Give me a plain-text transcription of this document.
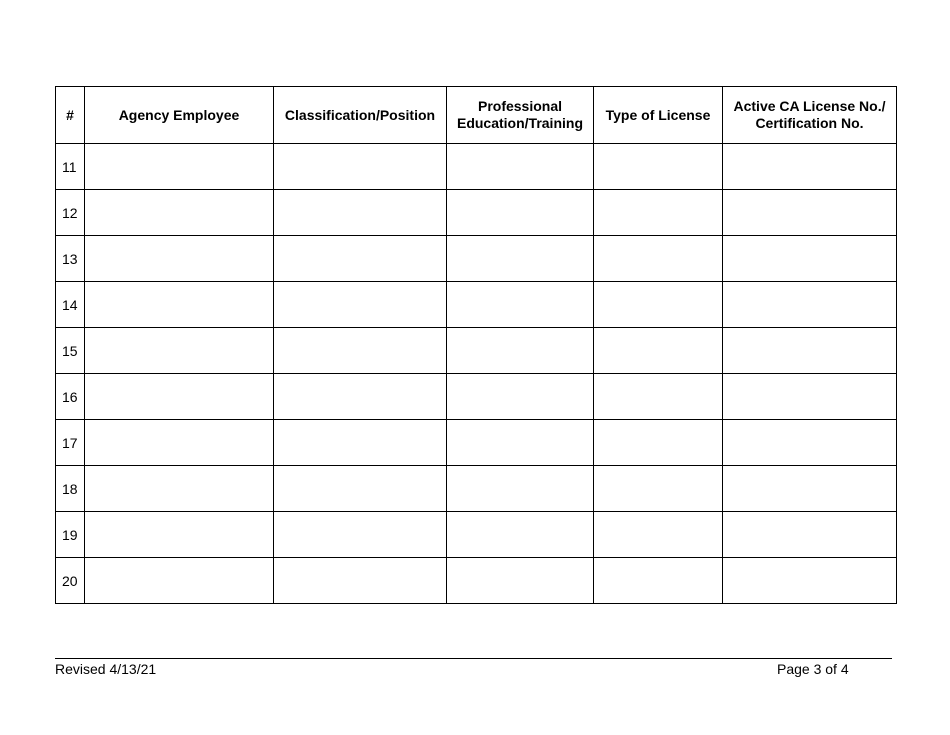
#	Agency Employee	Classification/Position	Professional Education/Training	Type of License	Active CA License No./ Certification No.
11					
12					
13					
14					
15					
16					
17					
18					
19					
20					
Revised 4/13/21	Page 3 of 4
